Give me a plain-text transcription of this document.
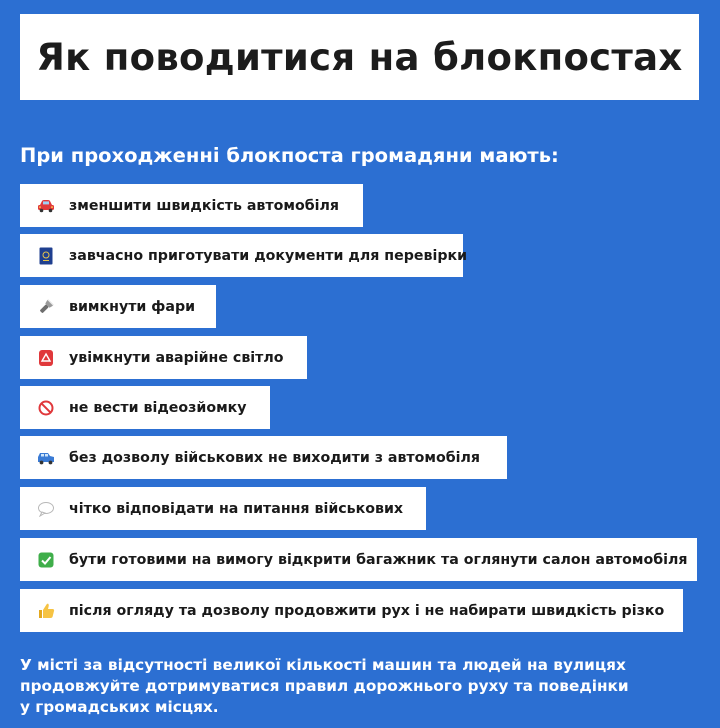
Як поводитися на блокпостах
При проходженні блокпоста громадяни мають:
зменшити швидкість автомобіля
завчасно приготувати документи для перевірки
вимкнути фари
увімкнути аварійне світло
не вести відеозйомку
без дозволу військових не виходити з автомобіля
чітко відповідати на питання військових
бути готовими на вимогу відкрити багажник та оглянути салон автомобіля
після огляду та дозволу продовжити рух і не набирати швидкість різко

У місті за відсутності великої кількості машин та людей на вулицях

продовжуйте дотримуватися правил дорожнього руху та поведінки

у громадських місцях.
